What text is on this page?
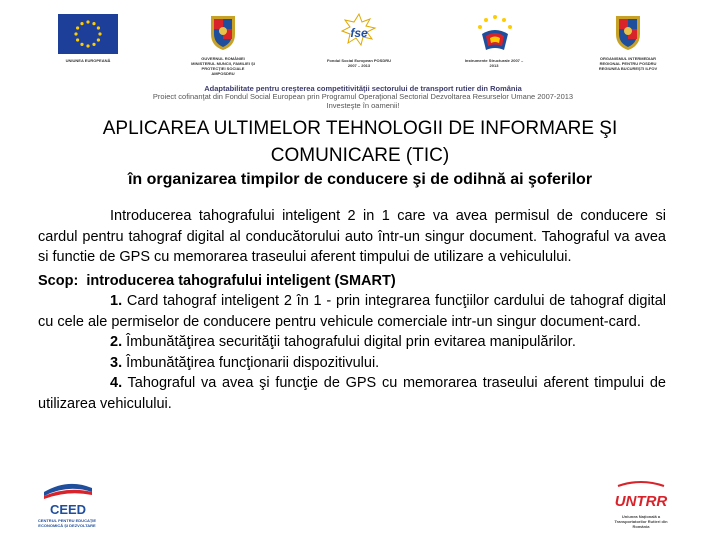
UNIUNEA EUROPEANĂ	GUVERNUL ROMÂNIEI MINISTERUL MUNCII, FAMILIEI ŞI PROTECŢIEI SOCIALE AMPOSDRU
fse
Fondul Social European POSDRU 2007 – 2013
Instrumente Structurale 2007 – 2013
ORGANISMUL INTERMEDIAR REGIONAL PENTRU POSDRU REGIUNEA BUCUREŞTI ILFOV
Adaptabilitate pentru creşterea competitivităţii sectorului de transport rutier din România
Proiect cofinanţat din Fondul Social European prin Programul Operaţional Sectorial Dezvoltarea Resurselor Umane 2007-2013
Investeşte în oamenii!
APLICAREA ULTIMELOR TEHNOLOGII DE INFORMARE ŞI COMUNICARE (TIC)
în organizarea timpilor de conducere şi de odihnă ai şoferilor

Introducerea tahografului inteligent 2 in 1 care va avea permisul de conducere si cardul pentru tahograf digital al conducătorului auto într-un singur document. Tahograful va avea si functie de GPS cu memorarea traseului aferent timpului de utilizare a vehiculului.

Scop: introducerea tahografului inteligent (SMART)

1. Card tahograf inteligent 2 în 1 - prin integrarea funcţiilor cardului de tahograf digital cu cele ale permiselor de conducere pentru vehicule comerciale intr-un singur document-card.

2. Îmbunătăţirea securităţii tahografului digital prin evitarea manipulărilor.

3. Îmbunătăţirea funcţionarii dispozitivului.

4. Tahograful va avea şi funcţie de GPS cu memorarea traseului aferent timpului de utilizarea vehiculului.

CEED
CENTRUL PENTRU EDUCAŢIE ECONOMICĂ ŞI DEZVOLTARE
UNTRR
Uniunea Naţională a Transportatorilor Rutieri din România
